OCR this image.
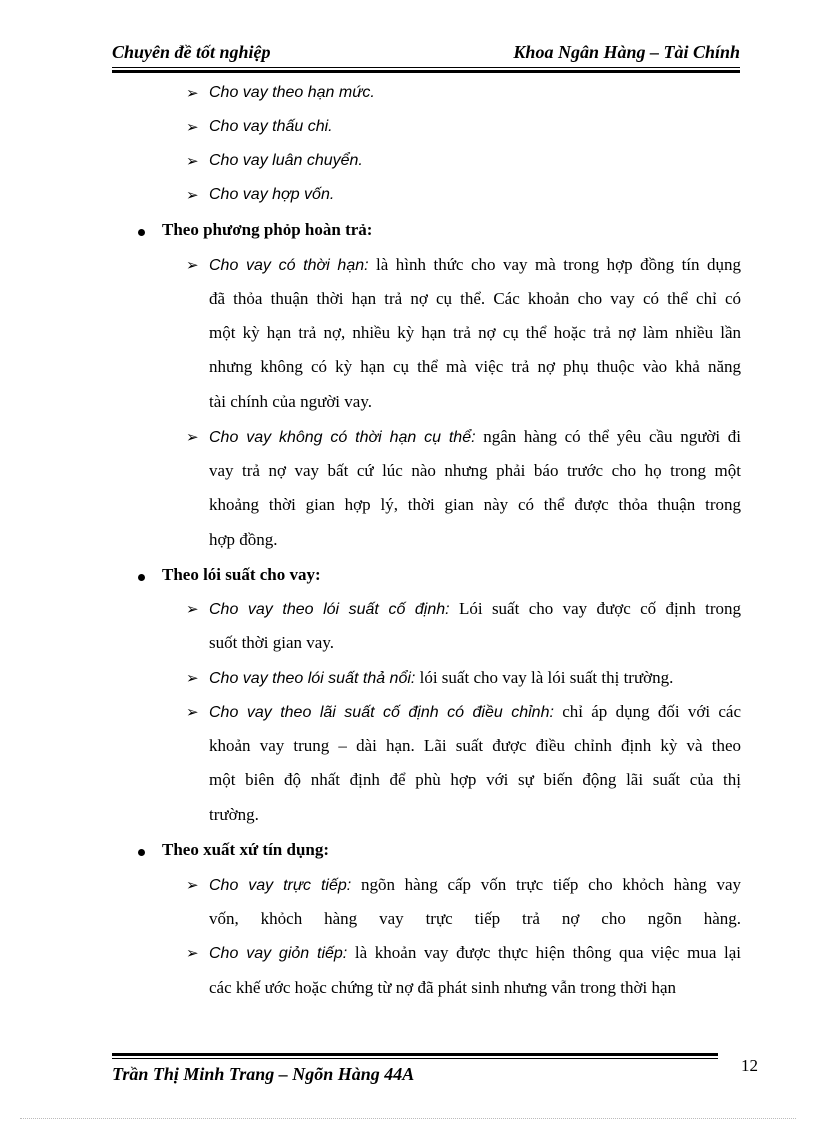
Chuyên đề tốt nghiệp	Khoa Ngân Hàng – Tài Chính
➢ Cho vay theo hạn mức.
➢ Cho vay thấu chi.
➢ Cho vay luân chuyển.
➢ Cho vay hợp vốn.
Theo phương phỏp hoàn trả:
➢ Cho vay có thời hạn: là hình thức cho vay mà trong hợp đồng tín dụng
đã thỏa thuận thời hạn trả nợ cụ thể. Các khoản cho vay có thể chỉ có
một kỳ hạn trả nợ, nhiều kỳ hạn trả nợ cụ thể hoặc trả nợ làm nhiều lần
nhưng không có kỳ hạn cụ thể mà việc trả nợ phụ thuộc vào khả năng
tài chính của người vay.
➢ Cho vay không có thời hạn cụ thể: ngân hàng có thể yêu cầu người đi
vay trả nợ vay bất cứ lúc nào nhưng phải báo trước cho họ trong một
khoảng thời gian hợp lý, thời gian này có thể được thỏa thuận trong
hợp đồng.
Theo lói suất cho vay:
➢ Cho vay theo lói suất cố định: Lói suất cho vay được cố định trong
suốt thời gian vay.
➢ Cho vay theo lói suất thả nổi: lói suất cho vay là lói suất thị trường.
➢ Cho vay theo lãi suất cố định có điều chỉnh: chỉ áp dụng đối với các
khoản vay trung – dài hạn. Lãi suất được điều chỉnh định kỳ và theo
một biên độ nhất định để phù hợp với sự biến động lãi suất của thị
trường.
Theo xuất xứ tín dụng:
➢ Cho vay trực tiếp: ngõn hàng cấp vốn trực tiếp cho khỏch hàng vay
vốn, khỏch hàng vay trực tiếp trả nợ cho ngõn hàng.
➢ Cho vay giỏn tiếp: là khoản vay được thực hiện thông qua việc mua lại
các khế ước hoặc chứng từ nợ đã phát sinh nhưng vẫn trong thời hạn
Trần Thị Minh Trang – Ngõn Hàng 44A	12
